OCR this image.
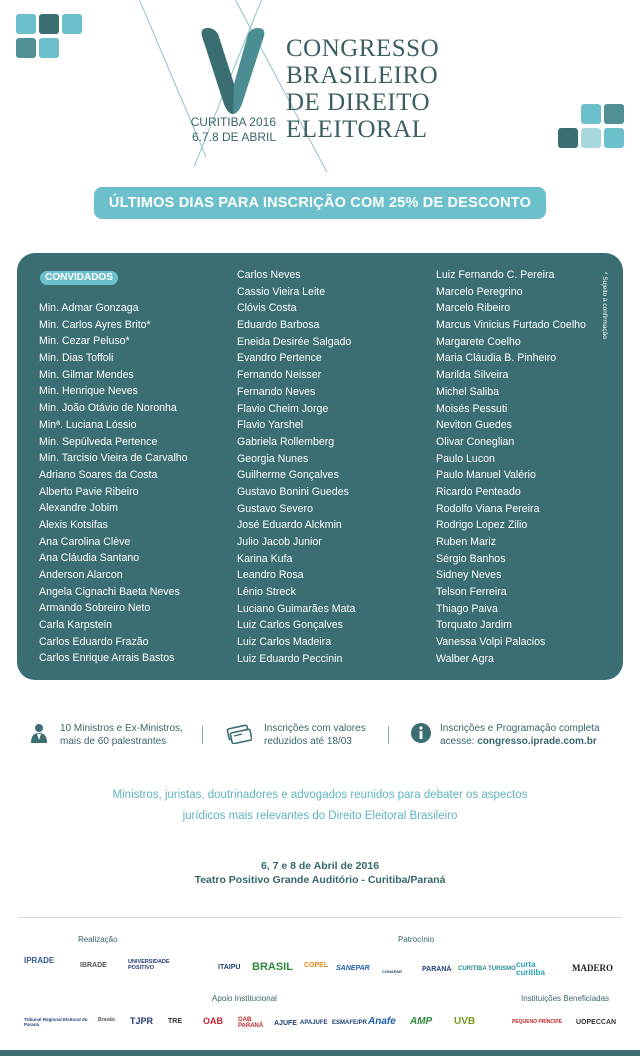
CONGRESSO
BRASILEIRO
DE DIREITO
ELEITORAL
CURITIBA 2016
6.7.8 DE ABRIL
ÚLTIMOS DIAS PARA INSCRIÇÃO COM 25% DE DESCONTO
CONVIDADOS
Min. Admar Gonzaga
Min. Carlos Ayres Brito*
Min. Cezar Peluso*
Min. Dias Toffoli
Min. Gilmar Mendes
Min. Henrique Neves
Min. João Otávio de Noronha
Minª. Luciana Lóssio
Min. Sepúlveda Pertence
Min. Tarcisio Vieira de Carvalho
Adriano Soares da Costa
Alberto Pavie Ribeiro
Alexandre Jobim
Alexis Kotsifas
Ana Carolina Clève
Ana Cláudia Santano
Anderson Alarcon
Angela Cignachi Baeta Neves
Armando Sobreiro Neto
Carla Karpstein
Carlos Eduardo Frazão
Carlos Enrique Arrais Bastos
Carlos Neves
Cassio Vieira Leite
Clóvis Costa
Eduardo Barbosa
Eneida Desirée Salgado
Evandro Pertence
Fernando Neisser
Fernando Neves
Flavio Cheim Jorge
Flavio Yarshel
Gabriela Rollemberg
Georgia Nunes
Guilherme Gonçalves
Gustavo Bonini Guedes
Gustavo Severo
José Eduardo Alckmin
Julio Jacob Junior
Karina Kufa
Leandro Rosa
Lênio Streck
Luciano Guimarães Mata
Luiz Carlos Gonçalves
Luiz Carlos Madeira
Luiz Eduardo Peccinin
Luiz Fernando C. Pereira
Marcelo Peregrino
Marcelo Ribeiro
Marcus Vinicius Furtado Coelho
Margarete Coelho
Maria Cláudia B. Pinheiro
Marilda Silveira
Michel Saliba
Moisés Pessuti
Neviton Guedes
Olivar Coneglian
Paulo Lucon
Paulo Manuel Valério
Ricardo Penteado
Rodolfo Viana Pereira
Rodrigo Lopez Zilio
Ruben Mariz
Sérgio Banhos
Sidney Neves
Telson Ferreira
Thiago Paiva
Torquato Jardim
Vanessa Volpi Palacios
Walber Agra
* Sujeito à confirmação
10 Ministros e Ex-Ministros,
mais de 60 palestrantes
Inscrições com valores
reduzidos até 18/03
Inscrições e Programação completa
acesse: congresso.iprade.com.br
Ministros, juristas, doutrinadores e advogados reunidos para debater os aspectos
jurídicos mais relevantes do Direito Eleitoral Brasileiro
6, 7 e 8 de Abril de 2016
Teatro Positivo Grande Auditório - Curitiba/Paraná
Realização	Patrocínio
Apoio Institucional	Instituições Beneficiadas
IPRADE
IBRADE	UNIVERSIDADE POSITIVO	ITAIPU BRASIL COPEL SANEPAR	COHAPAR	PARANÁ CURITIBA TURISMO curta curitiba	MADERO
Tribunal Regional Eleitoral do Paraná
Brasão TJPR TRE OAB	OAB PARANÁ	AJUFE APAJUFE ESMAFE/PR Anafe AMP UVB	PEQUENO PRÍNCIPE UOPECCAN
